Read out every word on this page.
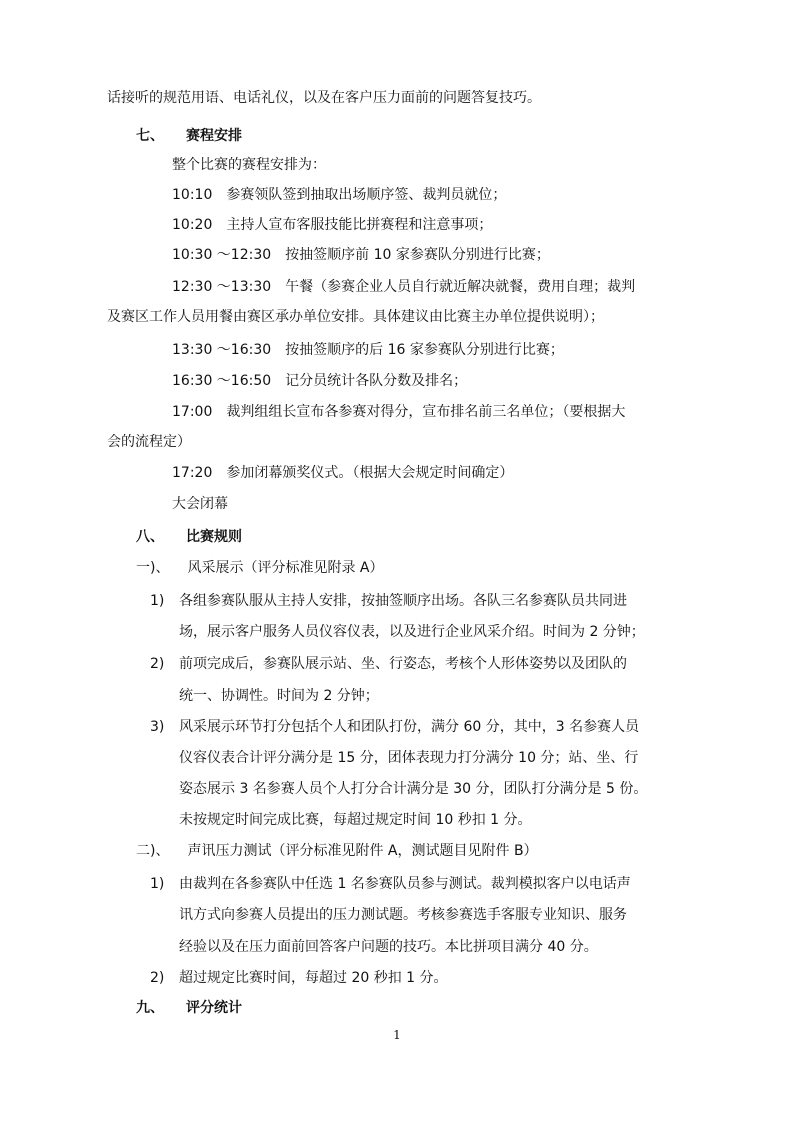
话接听的规范用语、电话礼仪，以及在客户压力面前的问题答复技巧。
七、 赛程安排
整个比赛的赛程安排为：
10:10　参赛领队签到抽取出场顺序签、裁判员就位；
10:20　主持人宣布客服技能比拼赛程和注意事项；
10:30 ～12:30　按抽签顺序前 10 家参赛队分别进行比赛；
12:30 ～13:30　午餐（参赛企业人员自行就近解决就餐，费用自理；裁判
及赛区工作人员用餐由赛区承办单位安排。具体建议由比赛主办单位提供说明）；
13:30 ～16:30　按抽签顺序的后 16 家参赛队分别进行比赛；
16:30 ～16:50　记分员统计各队分数及排名；
17:00　裁判组组长宣布各参赛对得分，宣布排名前三名单位；（要根据大
会的流程定）
17:20　参加闭幕颁奖仪式。（根据大会规定时间确定）
大会闭幕
八、 比赛规则
一)、 风采展示（评分标准见附录 A）
1) 各组参赛队服从主持人安排，按抽签顺序出场。各队三名参赛队员共同进
场，展示客户服务人员仪容仪表，以及进行企业风采介绍。时间为 2 分钟；
2) 前项完成后，参赛队展示站、坐、行姿态，考核个人形体姿势以及团队的
统一、协调性。时间为 2 分钟；
3) 风采展示环节打分包括个人和团队打份，满分 60 分，其中，3 名参赛人员
仪容仪表合计评分满分是 15 分，团体表现力打分满分 10 分；站、坐、行
姿态展示 3 名参赛人员个人打分合计满分是 30 分，团队打分满分是 5 份。
未按规定时间完成比赛，每超过规定时间 10 秒扣 1 分。
二)、 声讯压力测试（评分标准见附件 A，测试题目见附件 B）
1) 由裁判在各参赛队中任选 1 名参赛队员参与测试。裁判模拟客户以电话声
讯方式向参赛人员提出的压力测试题。考核参赛选手客服专业知识、服务
经验以及在压力面前回答客户问题的技巧。本比拼项目满分 40 分。
2) 超过规定比赛时间，每超过 20 秒扣 1 分。
九、 评分统计
1
